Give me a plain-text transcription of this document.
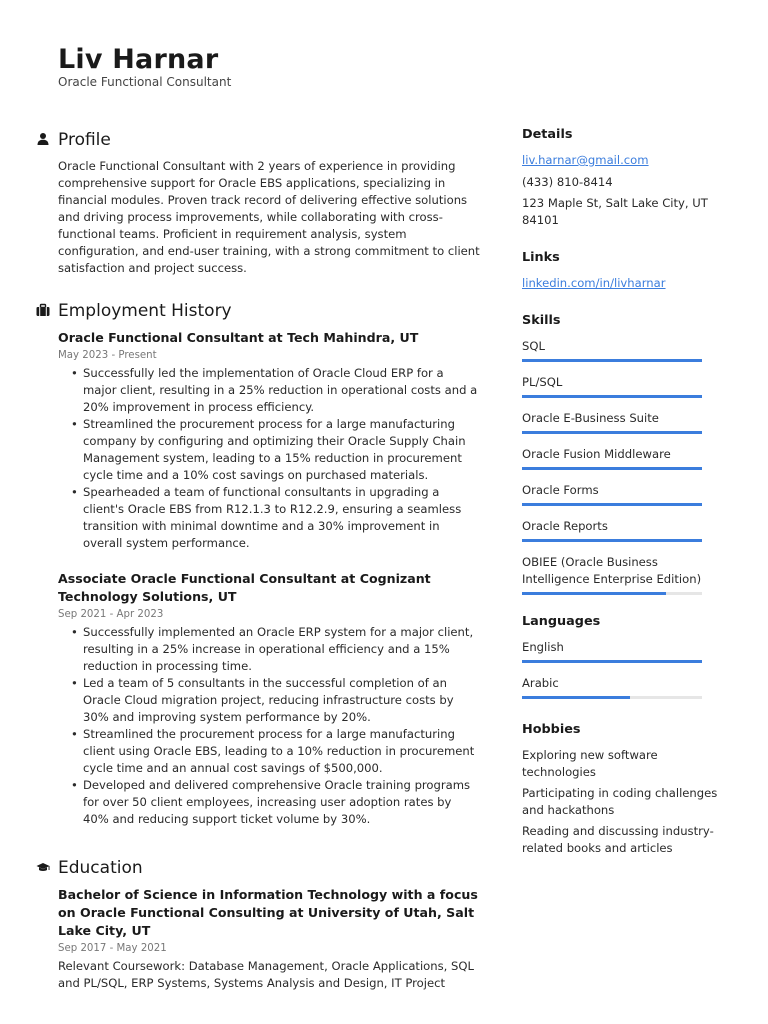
Liv Harnar
Oracle Functional Consultant
Profile

Oracle Functional Consultant with 2 years of experience in providing comprehensive support for Oracle EBS applications, specializing in financial modules. Proven track record of delivering effective solutions and driving process improvements, while collaborating with cross-functional teams. Proficient in requirement analysis, system configuration, and end-user training, with a strong commitment to client satisfaction and project success.

Employment History

Oracle Functional Consultant at Tech Mahindra, UT

May 2023 - Present
• Successfully led the implementation of Oracle Cloud ERP for a major client, resulting in a 25% reduction in operational costs and a 20% improvement in process efficiency.
• Streamlined the procurement process for a large manufacturing company by configuring and optimizing their Oracle Supply Chain Management system, leading to a 15% reduction in procurement cycle time and a 10% cost savings on purchased materials.
• Spearheaded a team of functional consultants in upgrading a client's Oracle EBS from R12.1.3 to R12.2.9, ensuring a seamless transition with minimal downtime and a 30% improvement in overall system performance.

Associate Oracle Functional Consultant at Cognizant Technology Solutions, UT

Sep 2021 - Apr 2023
• Successfully implemented an Oracle ERP system for a major client, resulting in a 25% increase in operational efficiency and a 15% reduction in processing time.
• Led a team of 5 consultants in the successful completion of an Oracle Cloud migration project, reducing infrastructure costs by 30% and improving system performance by 20%.
• Streamlined the procurement process for a large manufacturing client using Oracle EBS, leading to a 10% reduction in procurement cycle time and an annual cost savings of $500,000.
• Developed and delivered comprehensive Oracle training programs for over 50 client employees, increasing user adoption rates by 40% and reducing support ticket volume by 30%.
Education

Bachelor of Science in Information Technology with a focus on Oracle Functional Consulting at University of Utah, Salt Lake City, UT

Sep 2017 - May 2021

Relevant Coursework: Database Management, Oracle Applications, SQL and PL/SQL, ERP Systems, Systems Analysis and Design, IT Project

Details

liv.harnar@gmail.com

(433) 810-8414

123 Maple St, Salt Lake City, UT 84101

Links

linkedin.com/in/livharnar

Skills

SQL
PL/SQL
Oracle E-Business Suite
Oracle Fusion Middleware
Oracle Forms
Oracle Reports
OBIEE (Oracle Business Intelligence Enterprise Edition)

Languages

English
Arabic

Hobbies

Exploring new software technologies
Participating in coding challenges and hackathons
Reading and discussing industry-related books and articles
